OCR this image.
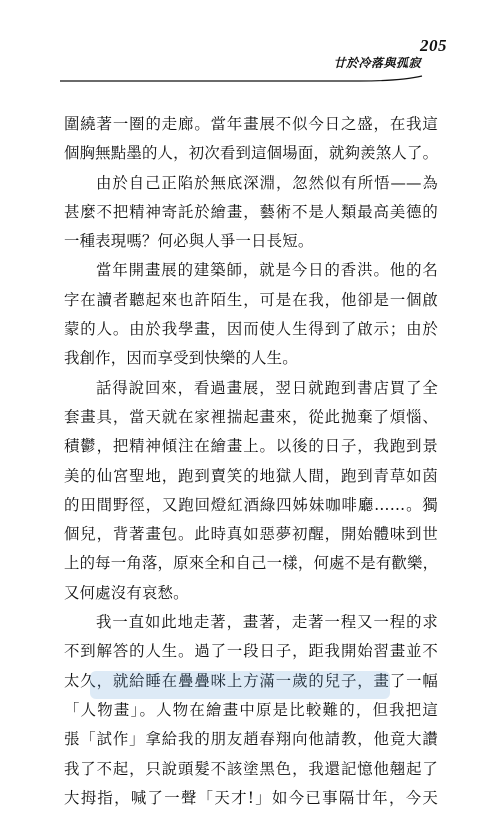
205
廿於冷落與孤寂
圍繞著一圈的走廊。當年畫展不似今日之盛，在我這
個胸無點墨的人，初次看到這個場面，就夠羨煞人了。
由於自己正陷於無底深淵，忽然似有所悟——為
甚麼不把精神寄託於繪畫，藝術不是人類最高美德的
一種表現嗎？何必與人爭一日長短。
當年開畫展的建築師，就是今日的香洪。他的名
字在讀者聽起來也許陌生，可是在我，他卻是一個啟
蒙的人。由於我學畫，因而使人生得到了啟示；由於
我創作，因而享受到快樂的人生。
話得說回來，看過畫展，翌日就跑到書店買了全
套畫具，當天就在家裡揣起畫來，從此拋棄了煩惱、
積鬱，把精神傾注在繪畫上。以後的日子，我跑到景
美的仙宮聖地，跑到賣笑的地獄人間，跑到青草如茵
的田間野徑，又跑回燈紅酒綠四姊妹咖啡廳……。獨
個兒，背著畫包。此時真如惡夢初醒，開始體味到世
上的每一角落，原來全和自己一樣，何處不是有歡樂，
又何處沒有哀愁。
我一直如此地走著，畫著，走著一程又一程的求
不到解答的人生。過了一段日子，距我開始習畫並不
太久，就給睡在疊疊咪上方滿一歲的兒子，畫了一幅
「人物畫」。人物在繪畫中原是比較難的，但我把這
張「試作」拿給我的朋友趙春翔向他請教，他竟大讚
我了不起，只說頭髮不該塗黑色，我還記憶他翹起了
大拇指，喊了一聲「天才!」如今已事隔廿年，今天
